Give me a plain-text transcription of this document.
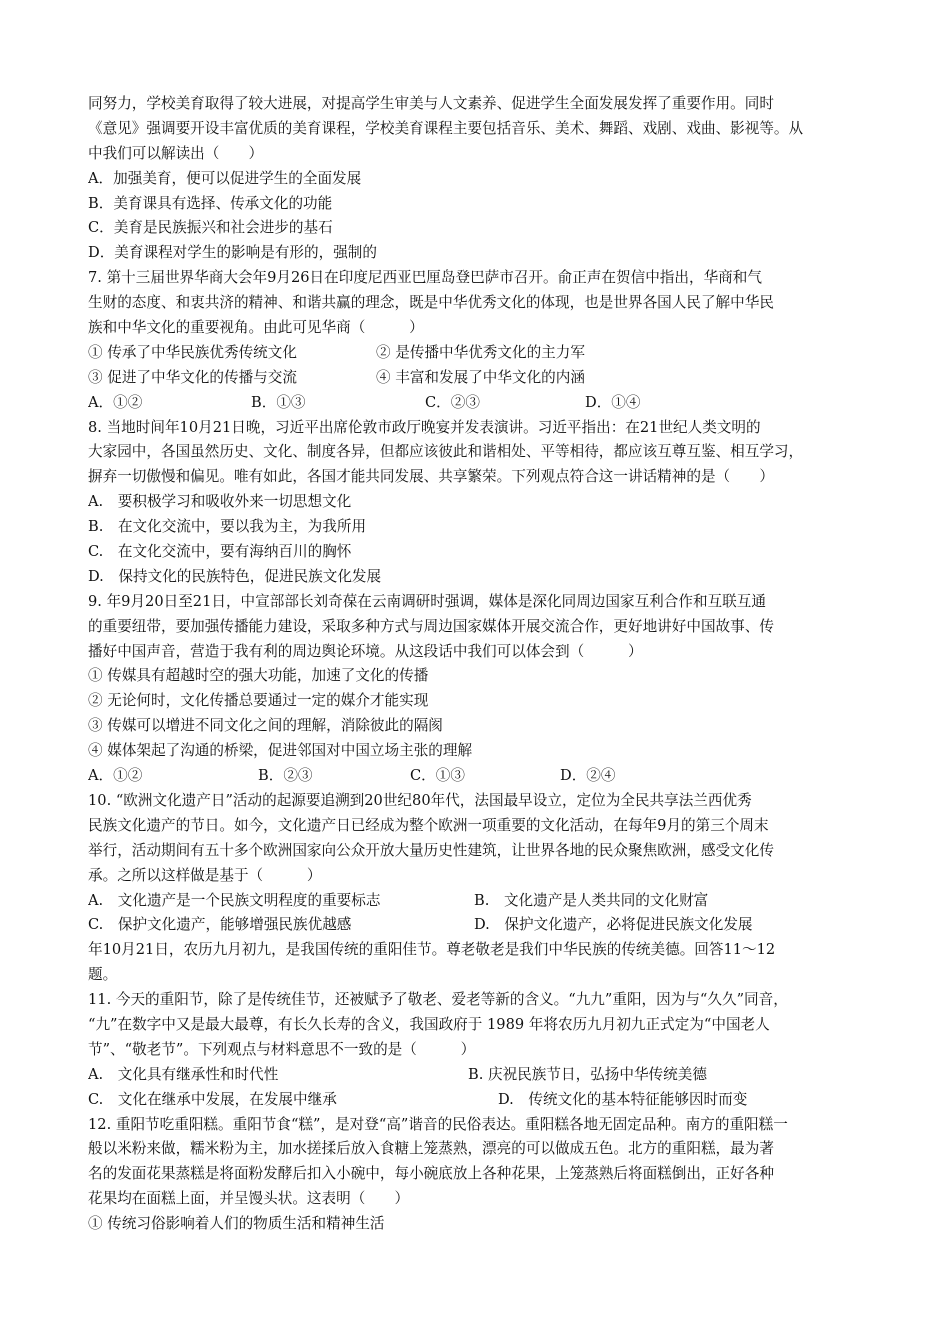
同努力，学校美育取得了较大进展，对提高学生审美与人文素养、促进学生全面发展发挥了重要作用。同时
《意见》强调要开设丰富优质的美育课程，学校美育课程主要包括音乐、美术、舞蹈、戏剧、戏曲、影视等。从
中我们可以解读出（　　）
A．加强美育，便可以促进学生的全面发展
B．美育课具有选择、传承文化的功能
C．美育是民族振兴和社会进步的基石
D．美育课程对学生的影响是有形的，强制的
7. 第十三届世界华商大会年9月26日在印度尼西亚巴厘岛登巴萨市召开。俞正声在贺信中指出，华商和气
生财的态度、和衷共济的精神、和谐共赢的理念，既是中华优秀文化的体现，也是世界各国人民了解中华民
族和中华文化的重要视角。由此可见华商（　　　）
① 传承了中华民族优秀传统文化	② 是传播中华优秀文化的主力军
③ 促进了中华文化的传播与交流	④ 丰富和发展了中华文化的内涵
A．①②	B．①③	C．②③	D．①④
8. 当地时间年10月21日晚，习近平出席伦敦市政厅晚宴并发表演讲。习近平指出：在21世纪人类文明的
大家园中，各国虽然历史、文化、制度各异，但都应该彼此和谐相处、平等相待，都应该互尊互鉴、相互学习，
摒弃一切傲慢和偏见。唯有如此，各国才能共同发展、共享繁荣。下列观点符合这一讲话精神的是（　　）
A.　要积极学习和吸收外来一切思想文化
B.　在文化交流中，要以我为主，为我所用
C.　在文化交流中，要有海纳百川的胸怀
D.　保持文化的民族特色，促进民族文化发展
9. 年9月20日至21日，中宣部部长刘奇葆在云南调研时强调，媒体是深化同周边国家互利合作和互联互通
的重要纽带，要加强传播能力建设，采取多种方式与周边国家媒体开展交流合作，更好地讲好中国故事、传
播好中国声音，营造于我有利的周边舆论环境。从这段话中我们可以体会到（　　　）
① 传媒具有超越时空的强大功能，加速了文化的传播
② 无论何时，文化传播总要通过一定的媒介才能实现
③ 传媒可以增进不同文化之间的理解，消除彼此的隔阂
④ 媒体架起了沟通的桥梁，促进邻国对中国立场主张的理解
A．①②	B．②③	C．①③	D．②④
10. “欧洲文化遗产日”活动的起源要追溯到20世纪80年代，法国最早设立，定位为全民共享法兰西优秀
民族文化遗产的节日。如今，文化遗产日已经成为整个欧洲一项重要的文化活动，在每年9月的第三个周末
举行，活动期间有五十多个欧洲国家向公众开放大量历史性建筑，让世界各地的民众聚焦欧洲，感受文化传
承。之所以这样做是基于（　　　）
A.　文化遗产是一个民族文明程度的重要标志	B.　文化遗产是人类共同的文化财富
C.　保护文化遗产，能够增强民族优越感	D.　保护文化遗产，必将促进民族文化发展
年10月21日，农历九月初九，是我国传统的重阳佳节。尊老敬老是我们中华民族的传统美德。回答11～12
题。
11. 今天的重阳节，除了是传统佳节，还被赋予了敬老、爱老等新的含义。“九九”重阳，因为与“久久”同音，
“九”在数字中又是最大最尊，有长久长寿的含义，我国政府于 1989 年将农历九月初九正式定为“中国老人
节”、“敬老节”。下列观点与材料意思不一致的是（　　　）
A.　文化具有继承性和时代性	B. 庆祝民族节日，弘扬中华传统美德
C.　文化在继承中发展，在发展中继承	D.　传统文化的基本特征能够因时而变
12. 重阳节吃重阳糕。重阳节食“糕”，是对登“高”谐音的民俗表达。重阳糕各地无固定品种。南方的重阳糕一
般以米粉来做，糯米粉为主，加水搓揉后放入食糖上笼蒸熟，漂亮的可以做成五色。北方的重阳糕，最为著
名的发面花果蒸糕是将面粉发酵后扣入小碗中，每小碗底放上各种花果，上笼蒸熟后将面糕倒出，正好各种
花果均在面糕上面，并呈馒头状。这表明（　　）
① 传统习俗影响着人们的物质生活和精神生活
